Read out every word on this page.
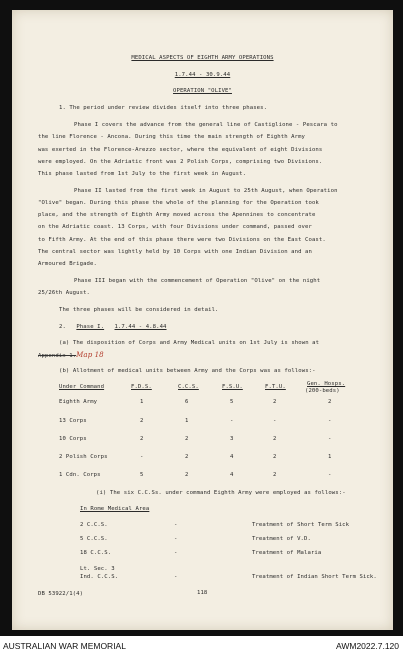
MEDICAL ASPECTS OF EIGHTH ARMY OPERATIONS
1.7.44 - 30.9.44
OPERATION "OLIVE"
1. The period under review divides itself into three phases.
Phase I covers the advance from the general line of Castiglione - Pescara to
the line Florence - Ancona. During this time the main strength of Eighth Army
was exerted in the Florence-Arezzo sector, where the equivalent of eight Divisions
were employed. On the Adriatic front was 2 Polish Corps, comprising two Divisions.
This phase lasted from 1st July to the first week in August.
Phase II lasted from the first week in August to 25th August, when Operation
"Olive" began. During this phase the whole of the planning for the Operation took
place, and the strength of Eighth Army moved across the Apennines to concentrate
on the Adriatic coast. 13 Corps, with four Divisions under command, passed over
to Fifth Army. At the end of this phase there were two Divisions on the East Coast.
The central sector was lightly held by 10 Corps with one Indian Division and an
Armoured Brigade.
Phase III began with the commencement of Operation "Olive" on the night
25/26th August.
The three phases will be considered in detail.
2. Phase I. 1.7.44 - 4.8.44
(a) The disposition of Corps and Army Medical units on 1st July is shown at
Appendix 1.Map 18
(b) Allotment of medical units between Army and the Corps was as follows:-
Under Command	F.D.S.	C.C.S.	F.S.U.	F.T.U.	Gen. Hosps.
(200-beds)
Eighth Army	1	6	5	2	2
13 Corps	2	1	-	-	-
10 Corps	2	2	3	2	-
2 Polish Corps	-	2	4	2	1
1 Cdn. Corps	5	2	4	2	-
(i) The six C.C.Ss. under command Eighth Army were employed as follows:-
In Rome Medical Area
2 C.C.S.	-	Treatment of Short Term Sick
5 C.C.S.	-	Treatment of V.D.
18 C.C.S.	-	Treatment of Malaria
Lt. Sec. 3
Ind. C.C.S.	-	Treatment of Indian Short Term Sick.
DB 53922/1(4)	118
AUSTRALIAN WAR MEMORIAL	AWM2022.7.120
